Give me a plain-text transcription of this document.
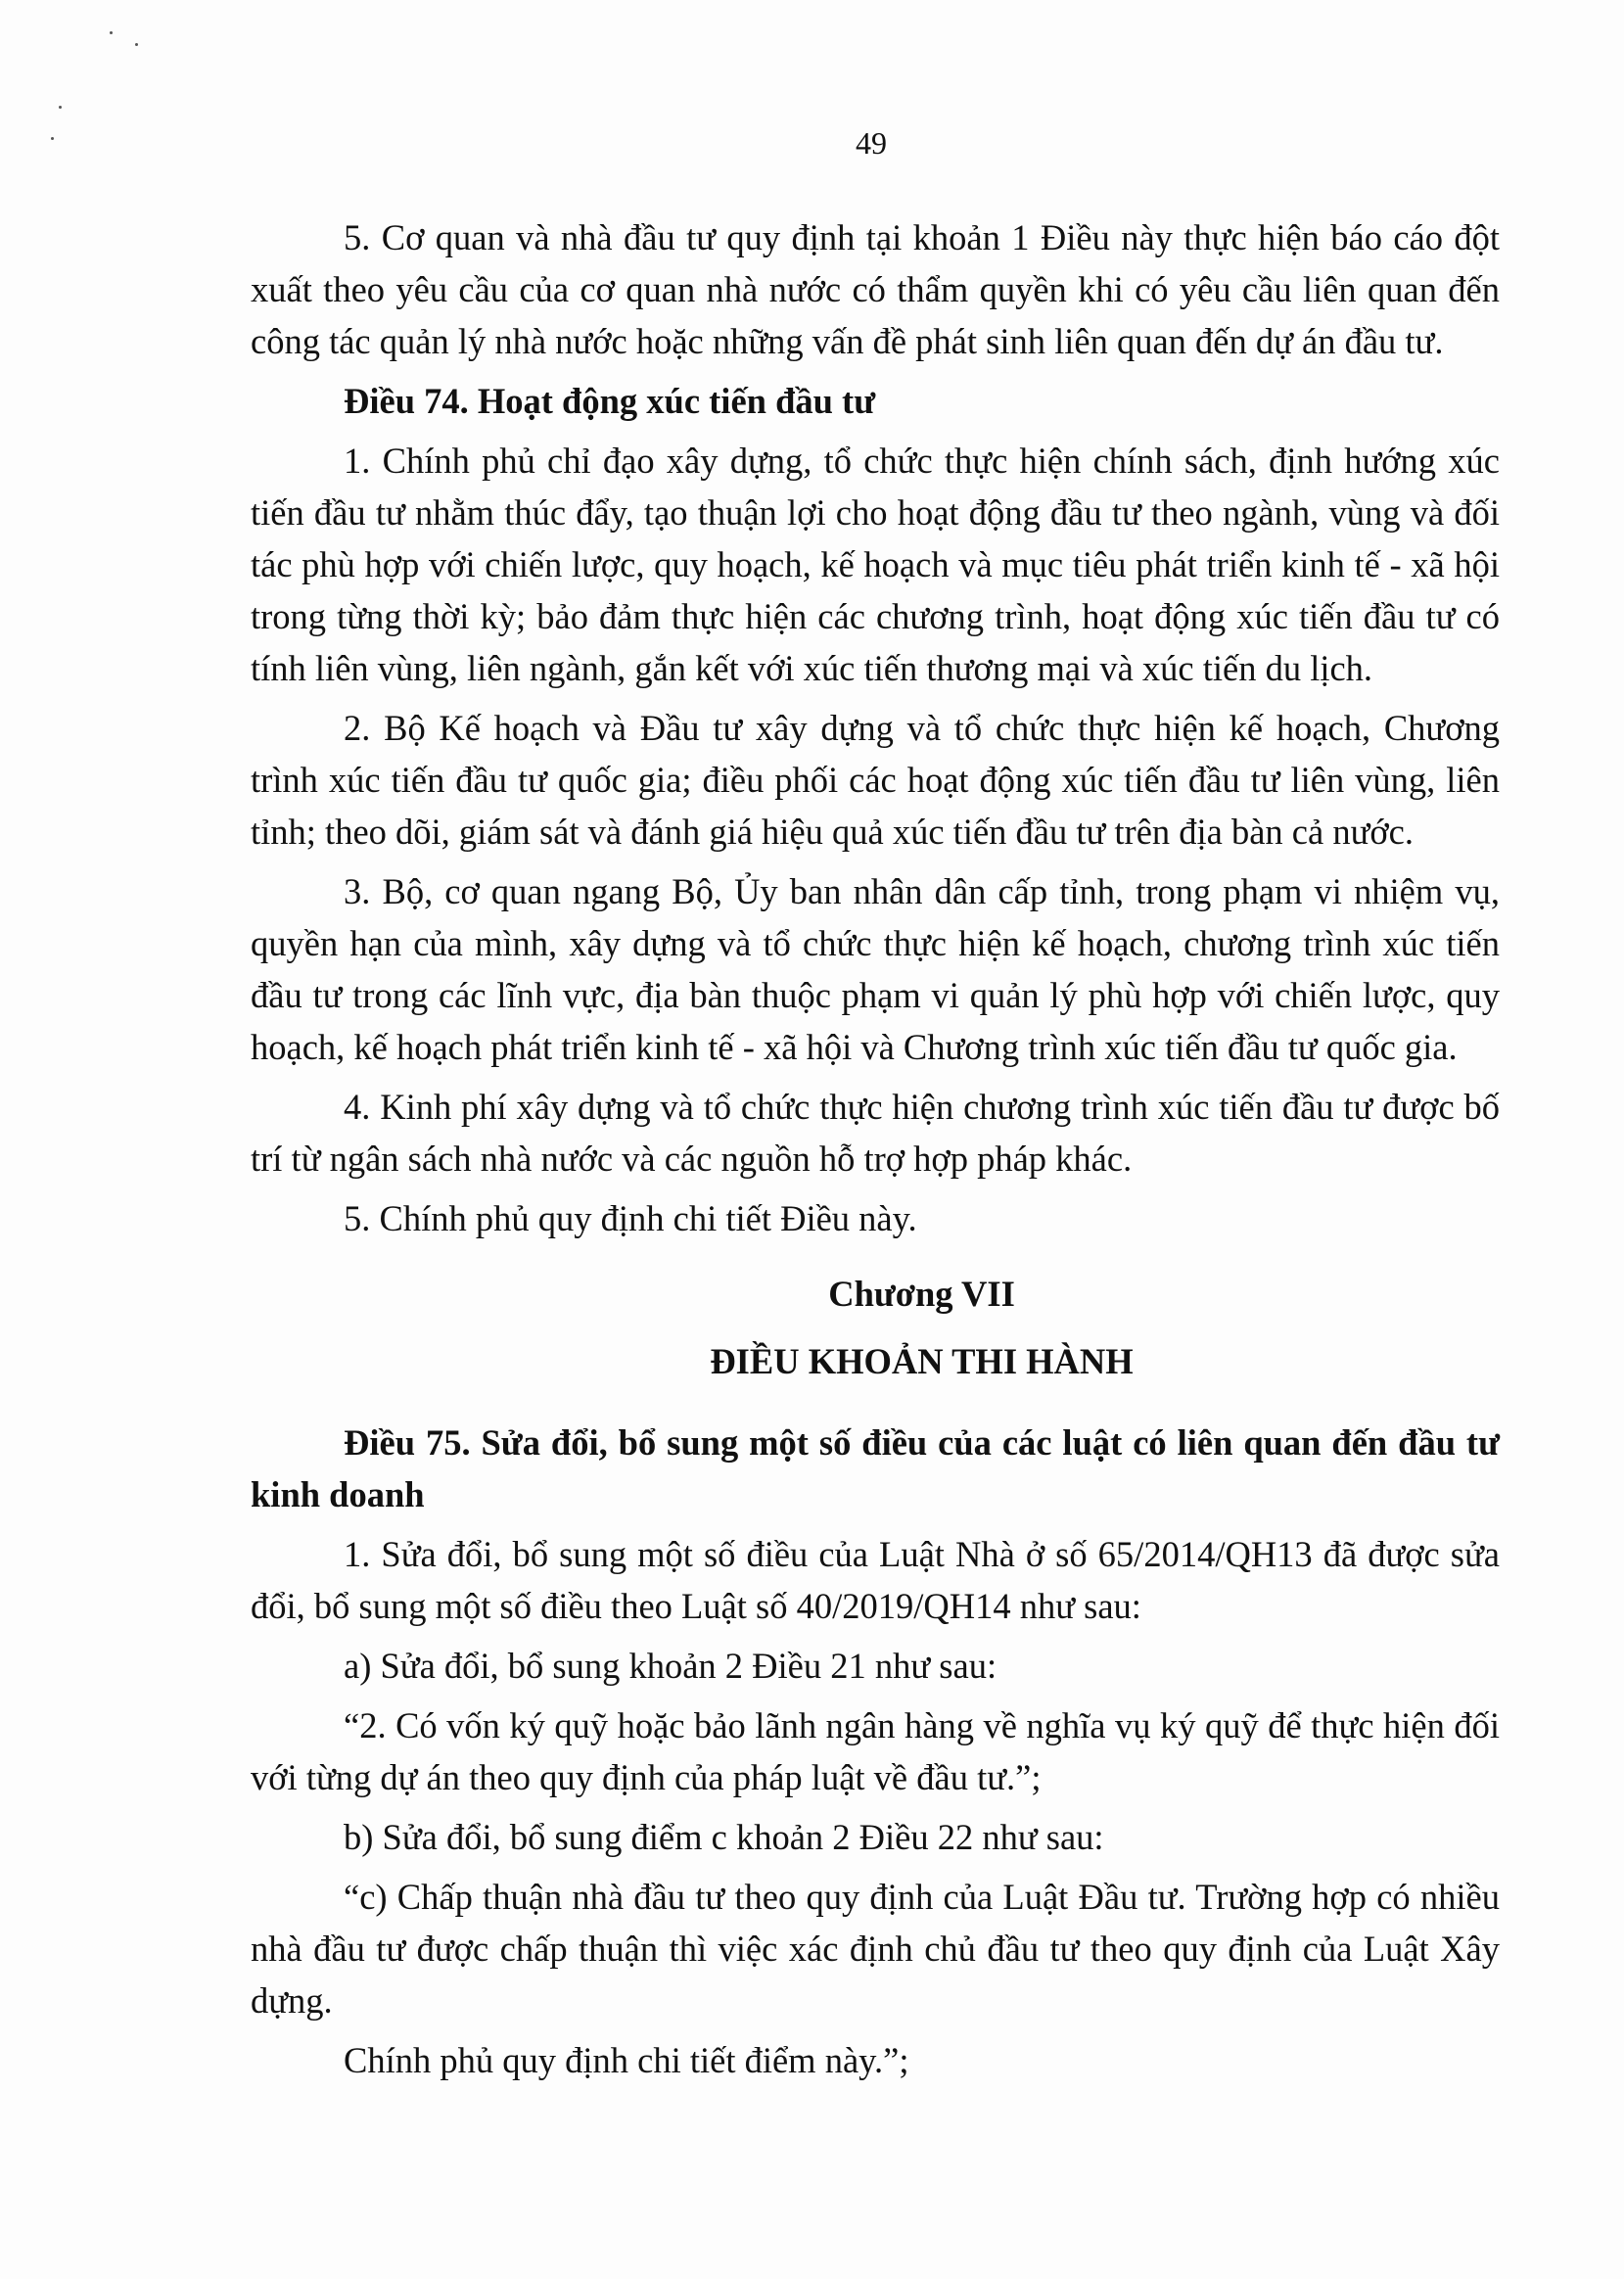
49

5. Cơ quan và nhà đầu tư quy định tại khoản 1 Điều này thực hiện báo cáo đột xuất theo yêu cầu của cơ quan nhà nước có thẩm quyền khi có yêu cầu liên quan đến công tác quản lý nhà nước hoặc những vấn đề phát sinh liên quan đến dự án đầu tư.

Điều 74. Hoạt động xúc tiến đầu tư

1. Chính phủ chỉ đạo xây dựng, tổ chức thực hiện chính sách, định hướng xúc tiến đầu tư nhằm thúc đẩy, tạo thuận lợi cho hoạt động đầu tư theo ngành, vùng và đối tác phù hợp với chiến lược, quy hoạch, kế hoạch và mục tiêu phát triển kinh tế - xã hội trong từng thời kỳ; bảo đảm thực hiện các chương trình, hoạt động xúc tiến đầu tư có tính liên vùng, liên ngành, gắn kết với xúc tiến thương mại và xúc tiến du lịch.

2. Bộ Kế hoạch và Đầu tư xây dựng và tổ chức thực hiện kế hoạch, Chương trình xúc tiến đầu tư quốc gia; điều phối các hoạt động xúc tiến đầu tư liên vùng, liên tỉnh; theo dõi, giám sát và đánh giá hiệu quả xúc tiến đầu tư trên địa bàn cả nước.

3. Bộ, cơ quan ngang Bộ, Ủy ban nhân dân cấp tỉnh, trong phạm vi nhiệm vụ, quyền hạn của mình, xây dựng và tổ chức thực hiện kế hoạch, chương trình xúc tiến đầu tư trong các lĩnh vực, địa bàn thuộc phạm vi quản lý phù hợp với chiến lược, quy hoạch, kế hoạch phát triển kinh tế - xã hội và Chương trình xúc tiến đầu tư quốc gia.

4. Kinh phí xây dựng và tổ chức thực hiện chương trình xúc tiến đầu tư được bố trí từ ngân sách nhà nước và các nguồn hỗ trợ hợp pháp khác.

5. Chính phủ quy định chi tiết Điều này.

Chương VII

ĐIỀU KHOẢN THI HÀNH

Điều 75. Sửa đổi, bổ sung một số điều của các luật có liên quan đến đầu tư kinh doanh

1. Sửa đổi, bổ sung một số điều của Luật Nhà ở số 65/2014/QH13 đã được sửa đổi, bổ sung một số điều theo Luật số 40/2019/QH14 như sau:

a) Sửa đổi, bổ sung khoản 2 Điều 21 như sau:

“2. Có vốn ký quỹ hoặc bảo lãnh ngân hàng về nghĩa vụ ký quỹ để thực hiện đối với từng dự án theo quy định của pháp luật về đầu tư.”;

b) Sửa đổi, bổ sung điểm c khoản 2 Điều 22 như sau:

“c) Chấp thuận nhà đầu tư theo quy định của Luật Đầu tư. Trường hợp có nhiều nhà đầu tư được chấp thuận thì việc xác định chủ đầu tư theo quy định của Luật Xây dựng.

Chính phủ quy định chi tiết điểm này.”;
